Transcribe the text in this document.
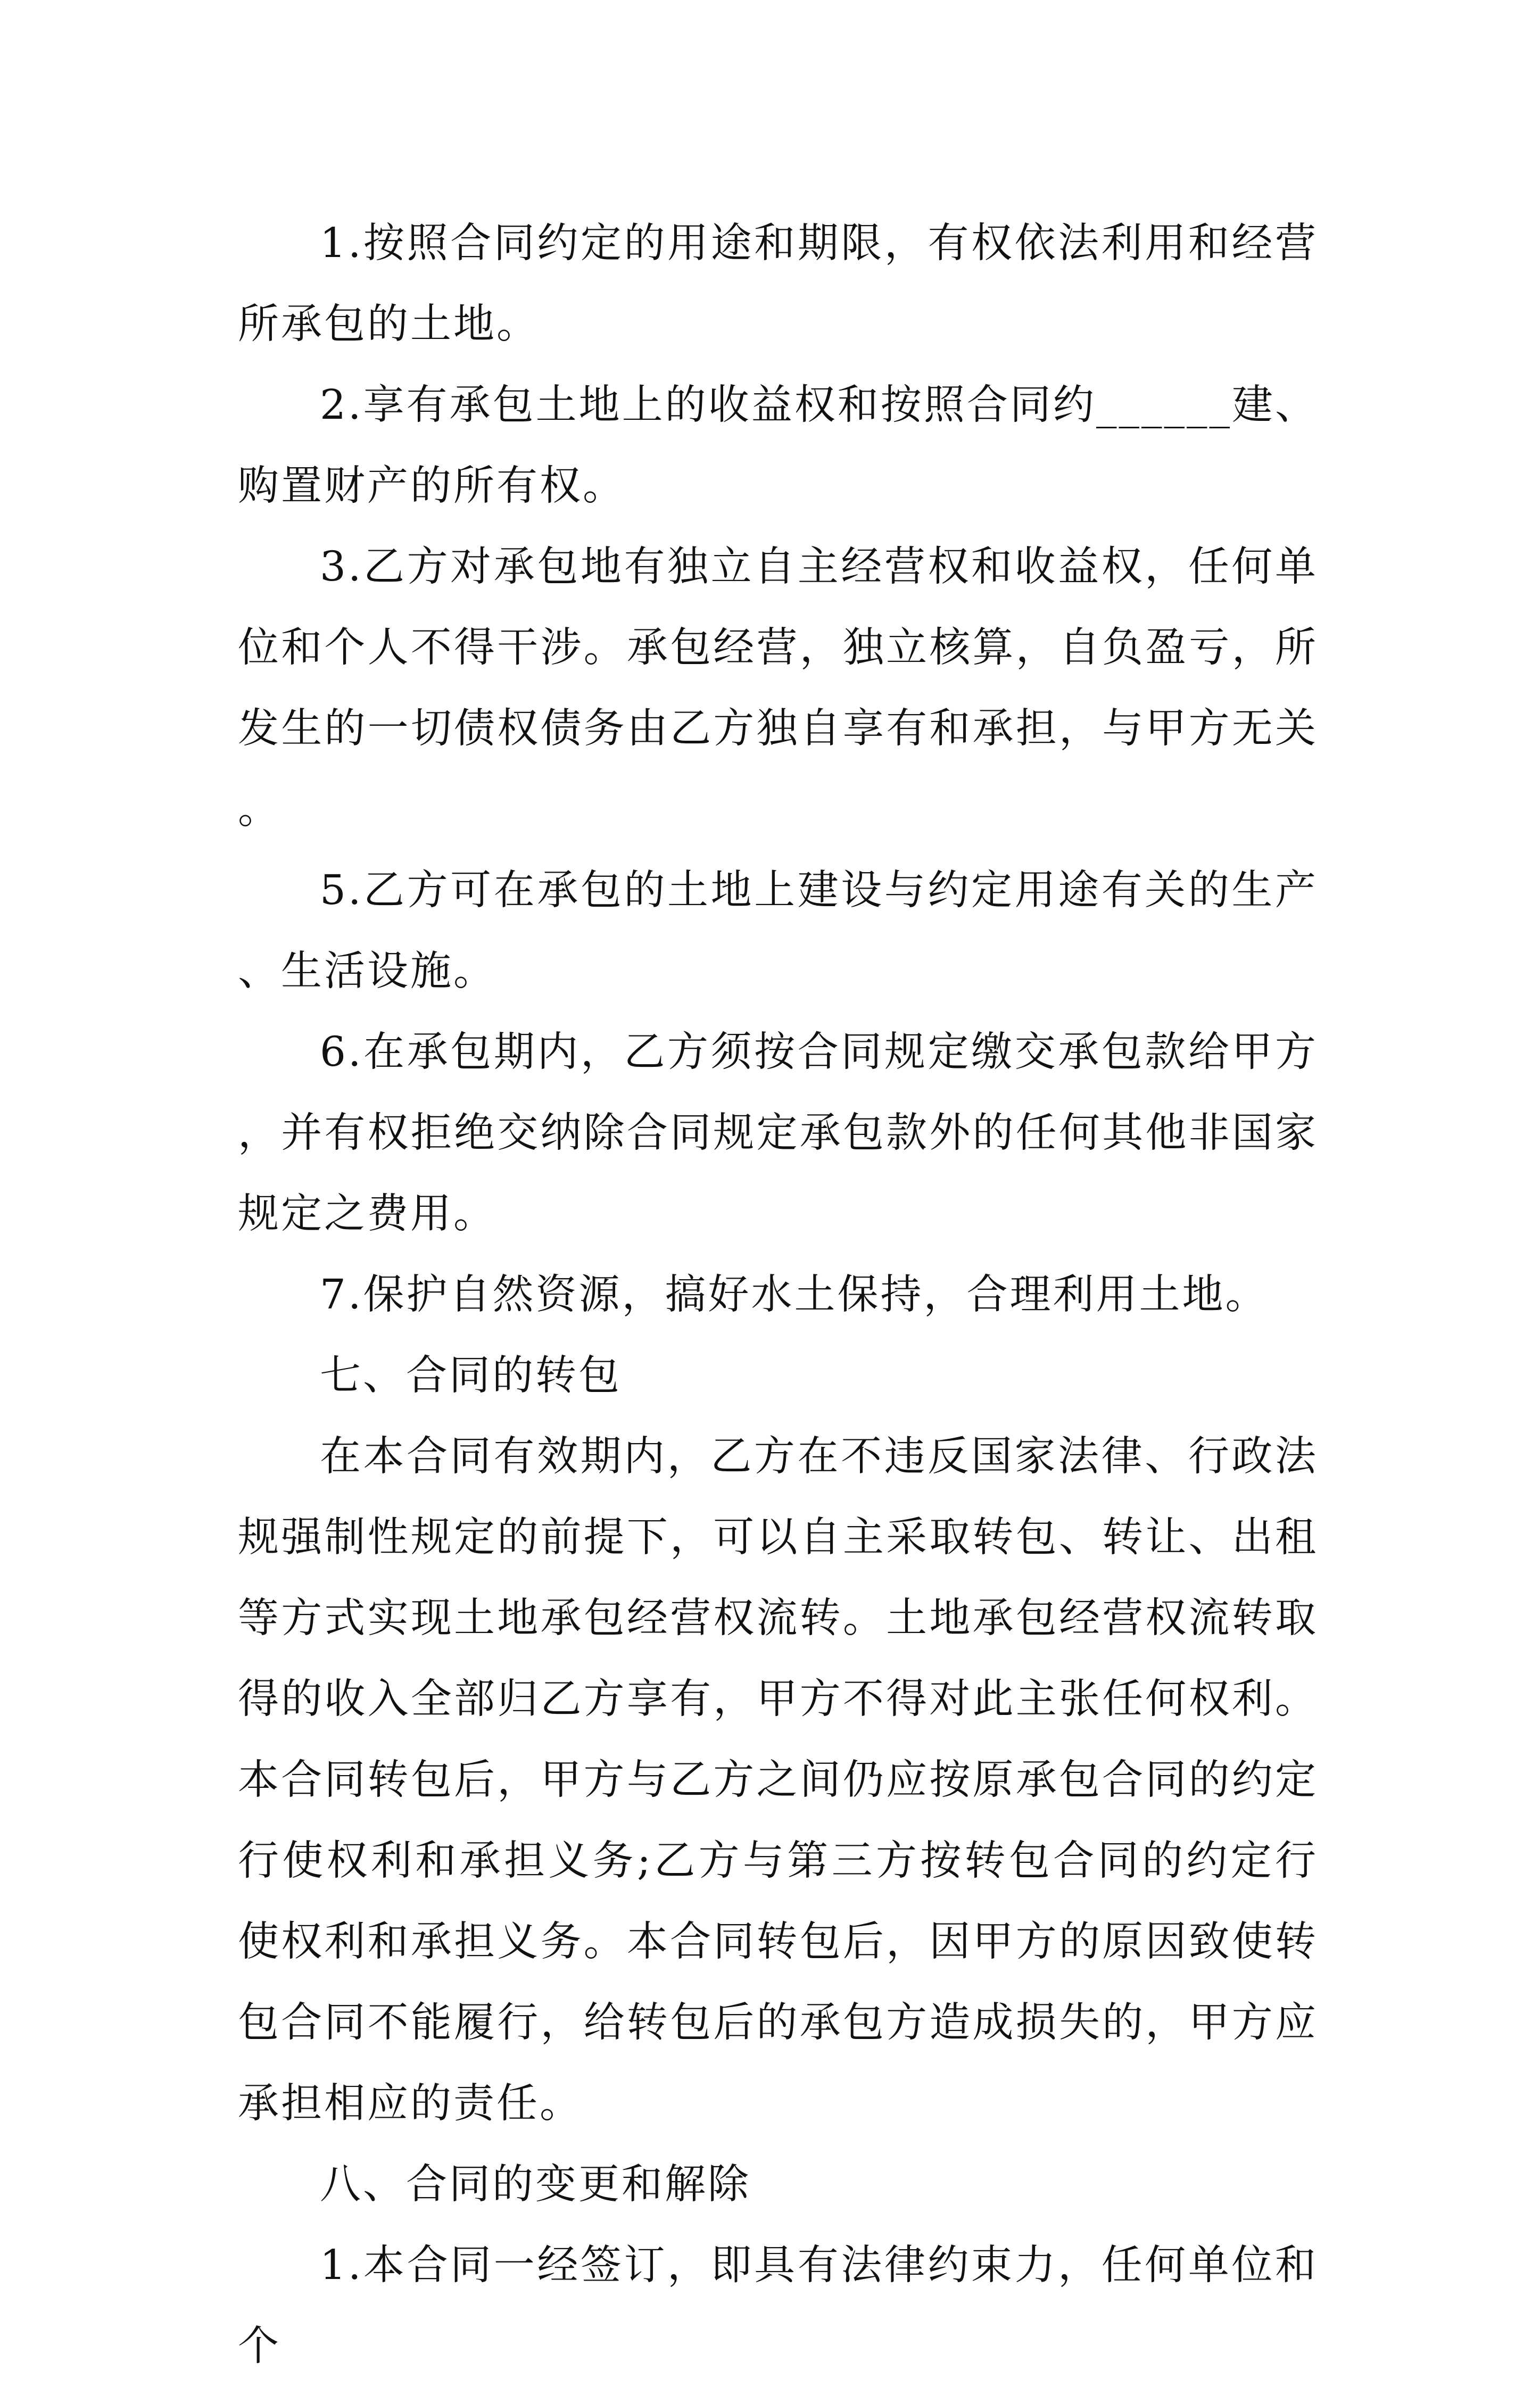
1.按照合同约定的用途和期限，有权依法利用和经营所承包的土地。

2.享有承包土地上的收益权和按照合同约______建、购置财产的所有权。

3.乙方对承包地有独立自主经营权和收益权，任何单位和个人不得干涉。承包经营，独立核算，自负盈亏，所发生的一切债权债务由乙方独自享有和承担，与甲方无关。

5.乙方可在承包的土地上建设与约定用途有关的生产、生活设施。

6.在承包期内，乙方须按合同规定缴交承包款给甲方，并有权拒绝交纳除合同规定承包款外的任何其他非国家规定之费用。

7.保护自然资源，搞好水土保持，合理利用土地。

七、合同的转包

在本合同有效期内，乙方在不违反国家法律、行政法规强制性规定的前提下，可以自主采取转包、转让、出租等方式实现土地承包经营权流转。土地承包经营权流转取得的收入全部归乙方享有，甲方不得对此主张任何权利。本合同转包后，甲方与乙方之间仍应按原承包合同的约定行使权利和承担义务;乙方与第三方按转包合同的约定行使权利和承担义务。本合同转包后，因甲方的原因致使转包合同不能履行，给转包后的承包方造成损失的，甲方应承担相应的责任。

八、合同的变更和解除

1.本合同一经签订，即具有法律约束力，任何单位和个
